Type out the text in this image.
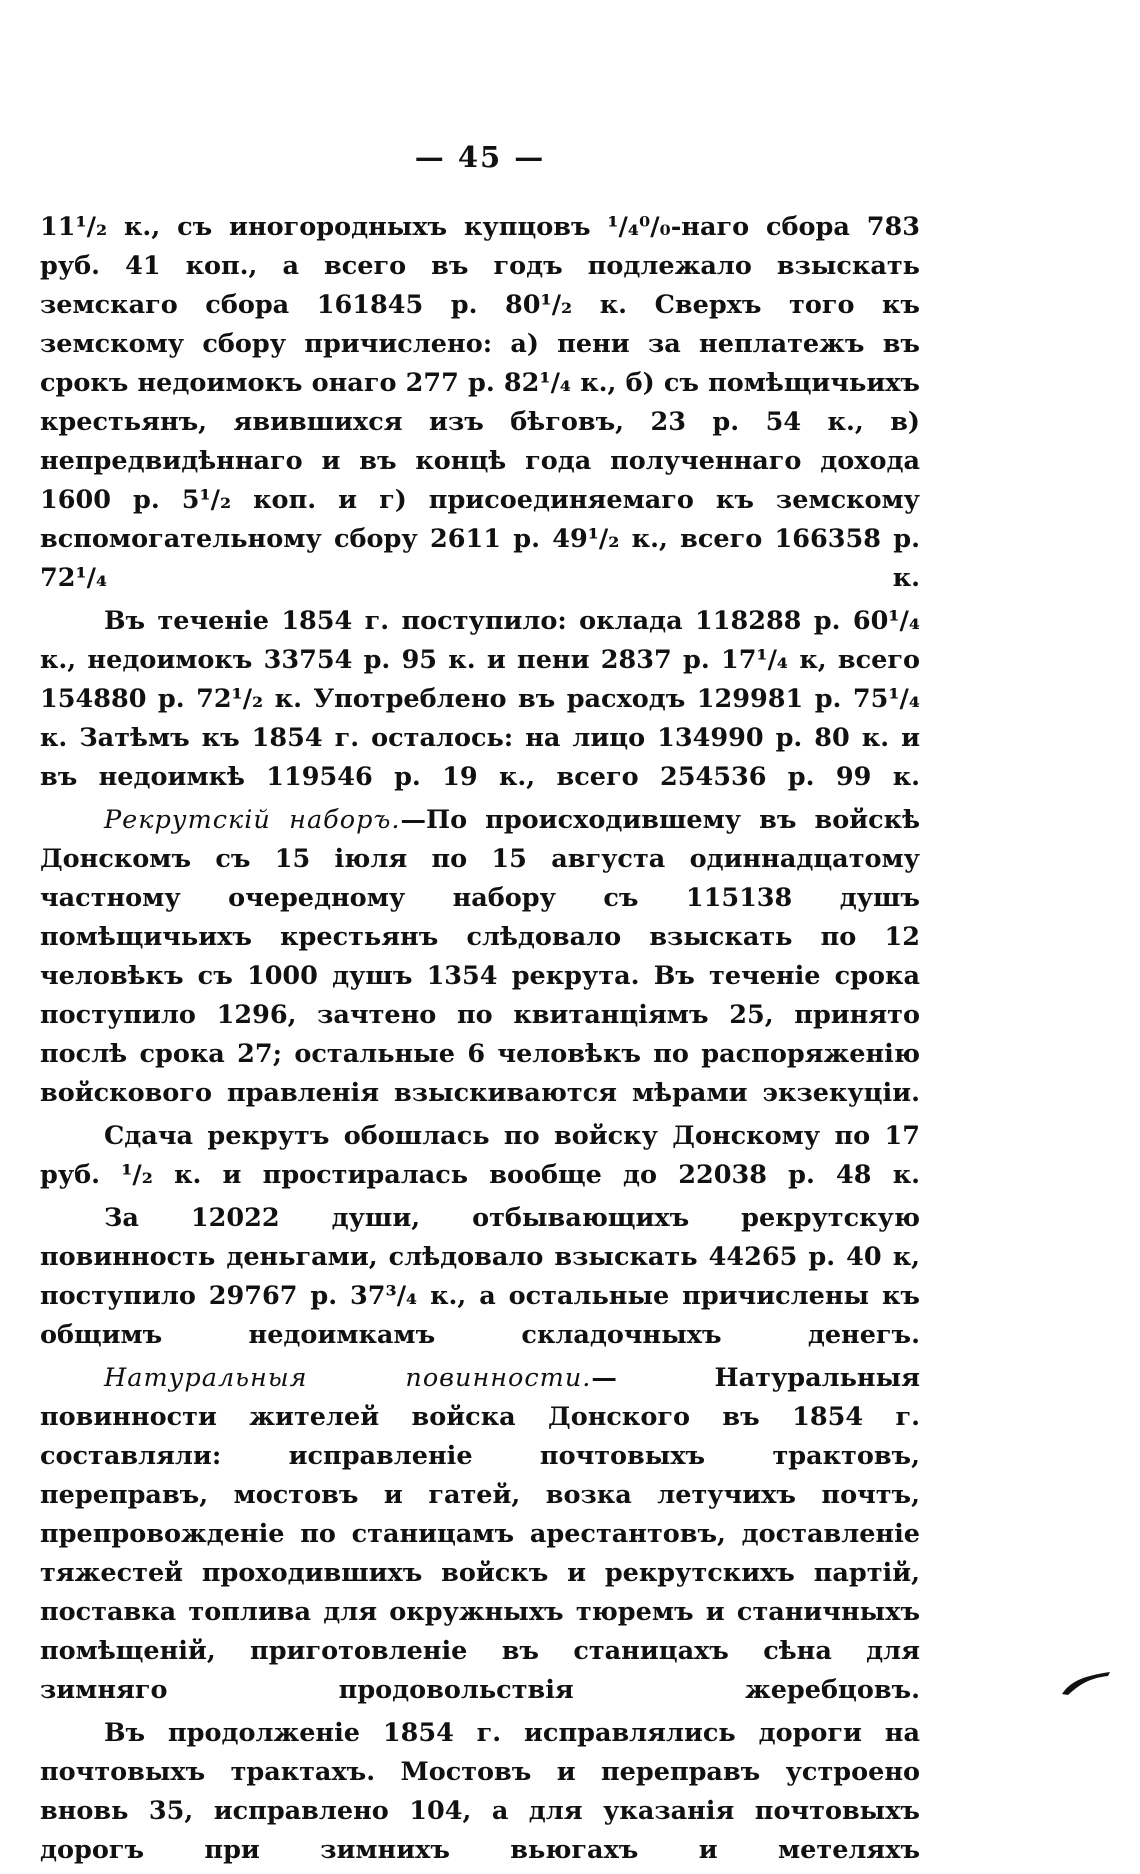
— 45 —

11¹/₂ к., съ иногородныхъ купцовъ ¹/₄⁰/₀-наго сбора 783 руб. 41 коп., а всего въ годъ подлежало взыскать земскаго сбора 161845 р. 80¹/₂ к. Сверхъ того къ земскому сбору причислено: а) пени за неплатежъ въ срокъ недоимокъ онаго 277 р. 82¹/₄ к., б) съ помѣщичьихъ крестьянъ, явившихся изъ бѣговъ, 23 р. 54 к., в) непредвидѣннаго и въ концѣ года полученнаго дохода 1600 р. 5¹/₂ коп. и г) присоединяемаго къ земскому вспомогательному сбору 2611 р. 49¹/₂ к., всего 166358 р. 72¹/₄ к.

Въ теченіе 1854 г. поступило: оклада 118288 р. 60¹/₄ к., недоимокъ 33754 р. 95 к. и пени 2837 р. 17¹/₄ к, всего 154880 р. 72¹/₂ к. Употреблено въ расходъ 129981 р. 75¹/₄ к. Затѣмъ къ 1854 г. осталось: на лицо 134990 р. 80 к. и въ недоимкѣ 119546 р. 19 к., всего 254536 р. 99 к.

Рекрутскій наборъ.—По происходившему въ войскѣ Донскомъ съ 15 іюля по 15 августа одиннадцатому частному очередному набору съ 115138 душъ помѣщичьихъ крестьянъ слѣдовало взыскать по 12 человѣкъ съ 1000 душъ 1354 рекрута. Въ теченіе срока поступило 1296, зачтено по квитанціямъ 25, принято послѣ срока 27; остальные 6 человѣкъ по распоряженію войскового правленія взыскиваются мѣрами экзекуціи.

Сдача рекрутъ обошлась по войску Донскому по 17 руб. ¹/₂ к. и простиралась вообще до 22038 р. 48 к.

За 12022 души, отбывающихъ рекрутскую повинность деньгами, слѣдовало взыскать 44265 р. 40 к, поступило 29767 р. 37³/₄ к., а остальные причислены къ общимъ недоимкамъ складочныхъ денегъ.

Натуральныя повинности.— Натуральныя повинности жителей войска Донского въ 1854 г. составляли: исправленіе почтовыхъ трактовъ, переправъ, мостовъ и гатей, возка летучихъ почтъ, препровожденіе по станицамъ арестантовъ, доставленіе тяжестей проходившихъ войскъ и рекрутскихъ партій, поставка топлива для окружныхъ тюремъ и станичныхъ помѣщеній, приготовленіе въ станицахъ сѣна для зимняго продовольствія жеребцовъ.

Въ продолженіе 1854 г. исправлялись дороги на почтовыхъ трактахъ. Мостовъ и переправъ устроено вновь 35, исправлено 104, а для указанія почтовыхъ дорогъ при зимнихъ вьюгахъ и метеляхъ
